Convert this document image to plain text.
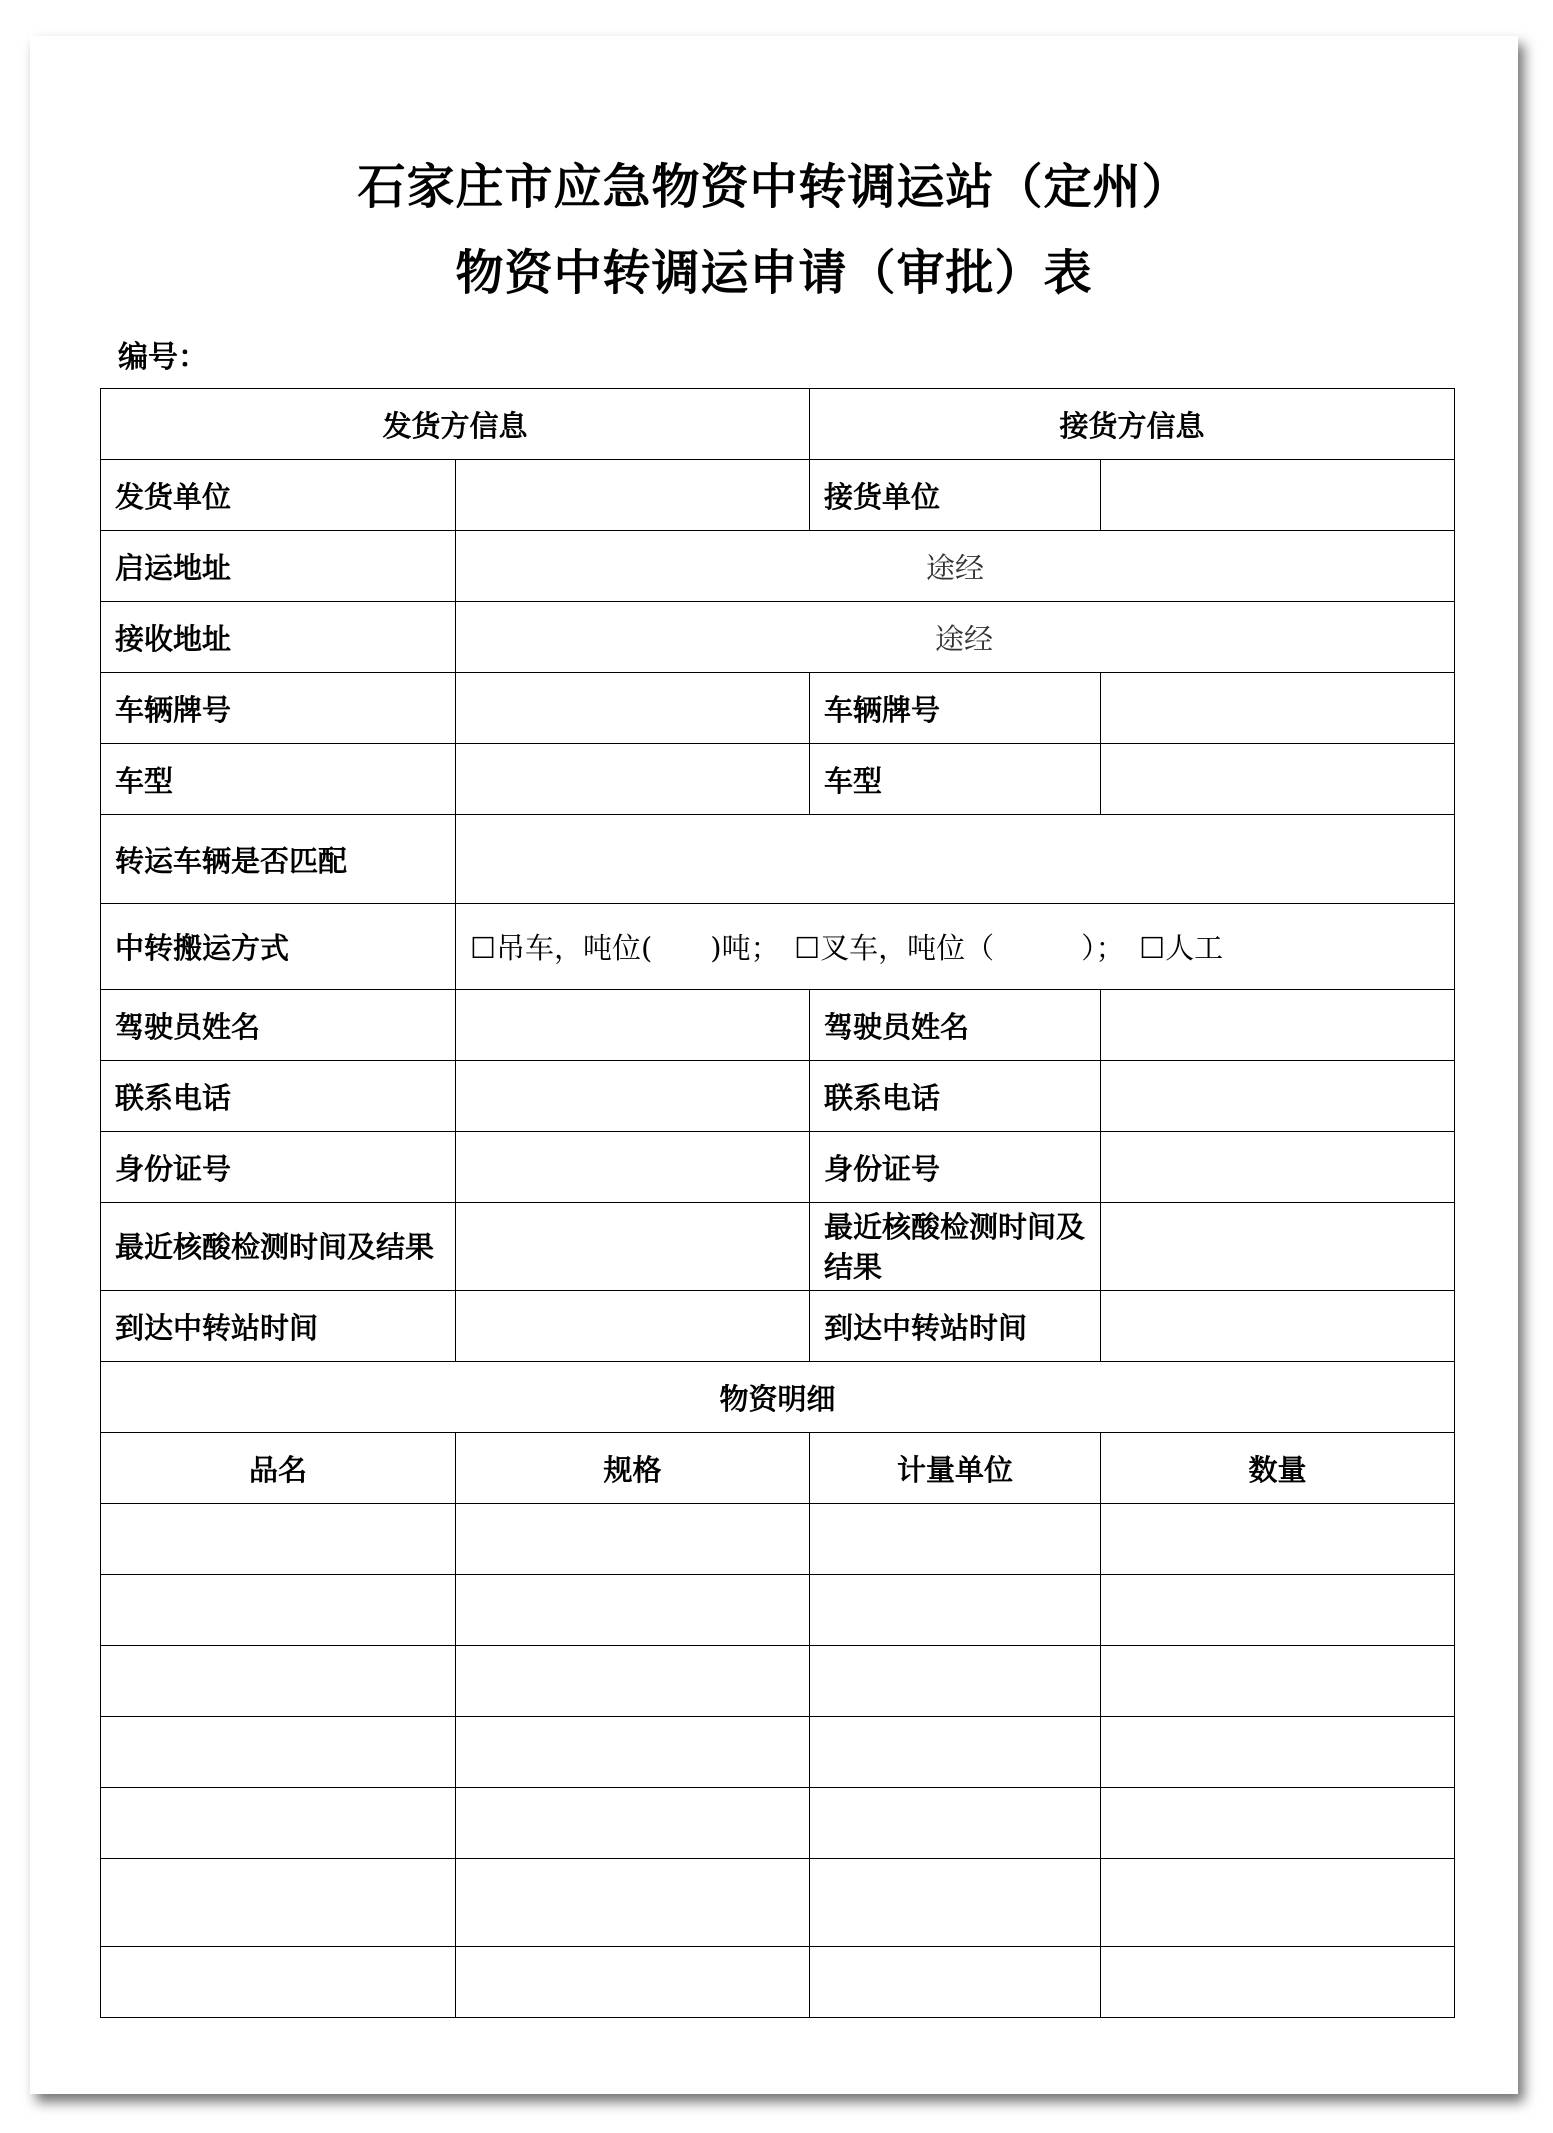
石家庄市应急物资中转调运站（定州）
物资中转调运申请（审批）表
编号：
发货方信息		接货方信息	
发货单位		接货单位	
启运地址	途经		
接收地址	途经		
车辆牌号		车辆牌号	
车型		车型	
转运车辆是否匹配			
中转搬运方式	☐吊车，吨位(　　)吨；　☐叉车，吨位（　　　）；　☐人工		
驾驶员姓名		驾驶员姓名	
联系电话		联系电话	
身份证号		身份证号	
最近核酸检测时间及结果		最近核酸检测时间及结果	
到达中转站时间		到达中转站时间	
物资明细			
品名	规格	计量单位	数量
